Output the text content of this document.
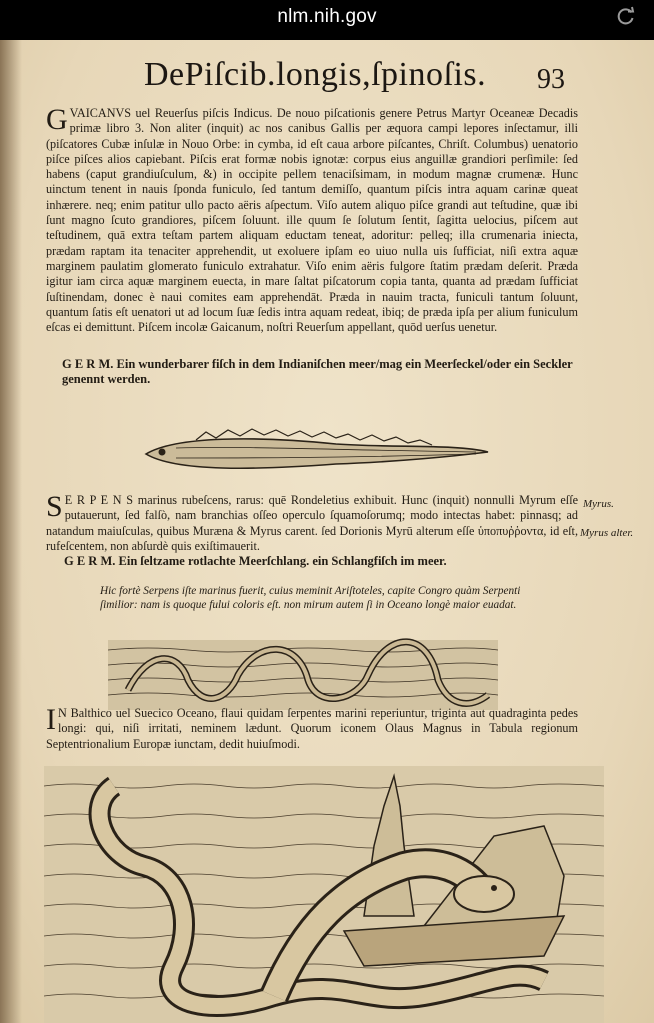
nlm.nih.gov
DePiſcib.longis,ſpinoſis. 93
GVAICANVS uel Reuerſus piſcis Indicus. De nouo piſcationis genere Petrus Martyr Oceaneæ Decadis primæ libro 3. Non aliter (inquit) ac nos canibus Gallis per æquora campi lepores inſectamur, illi (piſcatores Cubæ inſulæ in Nouo Orbe: in cymba, id eſt caua arbore piſcantes, Chriſt. Columbus) uenatorio piſce piſces alios capiebant. Piſcis erat formæ nobis ignotæ: corpus eius anguillæ grandiori perſimile: ſed habens (caput grandiuſculum, &) in occipite pellem tenaciſsimam, in modum magnæ crumenæ. Hunc uinctum tenent in nauis ſponda funiculo, ſed tantum demiſſo, quantum piſcis intra aquam carinæ queat inhærere. neq; enim patitur ullo pacto aëris aſpectum. Viſo autem aliquo piſce grandi aut teſtudine, quæ ibi ſunt magno ſcuto grandiores, piſcem ſoluunt. ille quum ſe ſolutum ſentit, ſagitta uelocius, piſcem aut teſtudinem, quā extra teſtam partem aliquam eductam teneat, adoritur: pelleq; illa crumenaria iniecta, prædam raptam ita tenaciter apprehendit, ut exoluere ipſam eo uiuo nulla uis ſufficiat, niſi extra aquæ marginem paulatim glomerato funiculo extrahatur. Viſo enim aëris fulgore ſtatim prædam deſerit. Præda igitur iam circa aquæ marginem euecta, in mare ſaltat piſcatorum copia tanta, quanta ad prædam ſufficiat ſuſtinendam, donec è naui comites eam apprehendāt. Præda in nauim tracta, funiculi tantum ſoluunt, quantum ſatis eſt uenatori ut ad locum ſuæ ſedis intra aquam redeat, ibiq; de præda ipſa per alium funiculum eſcas ei demittunt. Piſcem incolæ Gaicanum, noſtri Reuerſum appellant, quōd uerſus uenetur.
G E R M. Ein wunderbarer fiſch in dem Indianiſchen meer/mag ein Meerſeckel/oder ein Seckler genennt werden.
S E R P E N S marinus rubeſcens, rarus: quē Rondeletius exhibuit. Hunc (inquit) nonnulli Myrum eſſe putauerunt, ſed falſò, nam branchias oſſeo operculo ſquamoſorumq; modo intectas habet: pinnasq; ad natandum maiuſculas, quibus Muræna & Myrus carent. ſed Dorionis Myrū alterum eſſe ὑποπυῤῥοντα, id eſt, rufeſcentem, non abſurdè quis exiſtimauerit.
Myrus.
Myrus alter.
G E R M. Ein ſeltzame rotlachte Meerſchlang. ein Schlangfiſch im meer.
Hic fortè Serpens iſte marinus fuerit, cuius meminit Ariſtoteles, capite Congro quàm Serpenti ſimilior: nam is quoque fului coloris eſt. non mirum autem ſi in Oceano longè maior euadat.
I N Balthico uel Suecico Oceano, flaui quidam ſerpentes marini reperiuntur, triginta aut quadraginta pedes longi: qui, niſi irritati, neminem lædunt. Quorum iconem Olaus Magnus in Tabula regionum Septentrionalium Europæ iunctam, dedit huiuſmodi.
